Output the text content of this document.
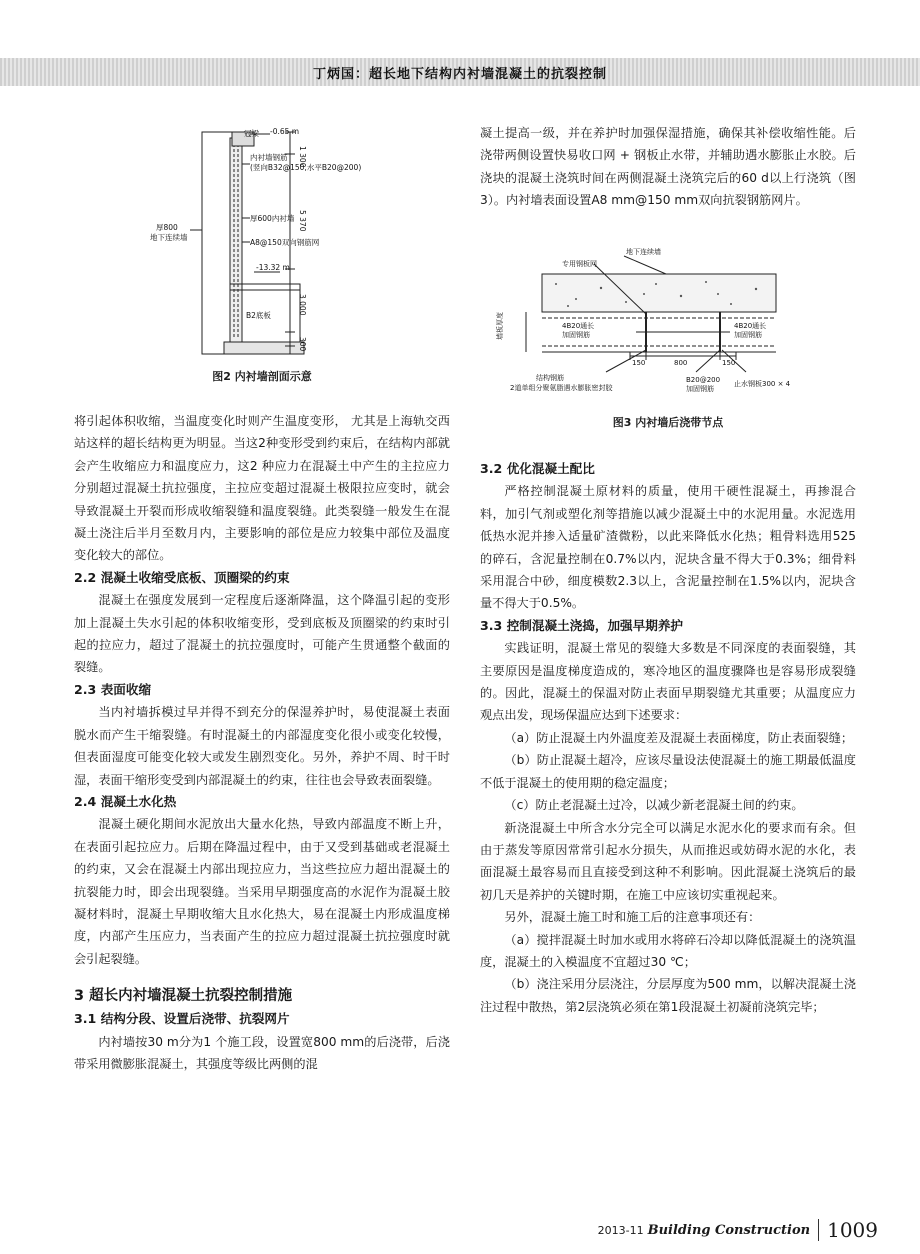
丁炳国：超长地下结构内衬墙混凝土的抗裂控制
冠梁 -0.65 m
1 300
内衬墙钢筋
(竖向B32@150,水平B20@200)
5 370
厚600内衬墙
厚800
地下连续墙
A8@150双向钢筋网
-13.32 m
3 000
B2底板
300
图2 内衬墙剖面示意
地下连续墙
专用钢板网
墙板厚度	4B20通长
加固钢筋
4B20通长
加固钢筋
150	800	150
结构钢筋
2道单组分聚氨脂遇水膨胀密封胶
B20@200
加固钢筋
止水钢板300 × 4
图3 内衬墙后浇带节点

将引起体积收缩，当温度变化时则产生温度变形， 尤其是上海轨交西站这样的超长结构更为明显。当这2种变形受到约束后，在结构内部就会产生收缩应力和温度应力，这2 种应力在混凝土中产生的主拉应力分别超过混凝土抗拉强度，主拉应变超过混凝土极限拉应变时，就会导致混凝土开裂而形成收缩裂缝和温度裂缝。此类裂缝一般发生在混凝土浇注后半月至数月内，主要影响的部位是应力较集中部位及温度变化较大的部位。

2.2 混凝土收缩受底板、顶圈梁的约束

混凝土在强度发展到一定程度后逐渐降温，这个降温引起的变形加上混凝土失水引起的体积收缩变形，受到底板及顶圈梁的约束时引起的拉应力，超过了混凝土的抗拉强度时，可能产生贯通整个截面的裂缝。

2.3 表面收缩

当内衬墙拆模过早并得不到充分的保湿养护时，易使混凝土表面脱水而产生干缩裂缝。有时混凝土的内部湿度变化很小或变化较慢，但表面湿度可能变化较大或发生剧烈变化。另外，养护不周、时干时湿，表面干缩形变受到内部混凝土的约束，往往也会导致表面裂缝。

2.4 混凝土水化热

混凝土硬化期间水泥放出大量水化热，导致内部温度不断上升，在表面引起拉应力。后期在降温过程中，由于又受到基础或老混凝土的约束，又会在混凝土内部出现拉应力，当这些拉应力超出混凝土的抗裂能力时，即会出现裂缝。当采用早期强度高的水泥作为混凝土胶凝材料时，混凝土早期收缩大且水化热大，易在混凝土内形成温度梯度，内部产生压应力，当表面产生的拉应力超过混凝土抗拉强度时就会引起裂缝。

3 超长内衬墙混凝土抗裂控制措施
3.1 结构分段、设置后浇带、抗裂网片

内衬墙按30 m分为1 个施工段，设置宽800 mm的后浇带，后浇带采用微膨胀混凝土，其强度等级比两侧的混

凝土提高一级，并在养护时加强保湿措施，确保其补偿收缩性能。后浇带两侧设置快易收口网 + 钢板止水带，并辅助遇水膨胀止水胶。后浇块的混凝土浇筑时间在两侧混凝土浇筑完后的60 d以上行浇筑（图3）。内衬墙表面设置A8 mm@150 mm双向抗裂钢筋网片。

3.2 优化混凝土配比

严格控制混凝土原材料的质量，使用干硬性混凝土，再掺混合料，加引气剂或塑化剂等措施以减少混凝土中的水泥用量。水泥选用低热水泥并掺入适量矿渣微粉，以此来降低水化热；粗骨料选用525的碎石，含泥量控制在0.7%以内，泥块含量不得大于0.3%；细骨料采用混合中砂，细度模数2.3以上，含泥量控制在1.5%以内，泥块含量不得大于0.5%。

3.3 控制混凝土浇捣，加强早期养护

实践证明，混凝土常见的裂缝大多数是不同深度的表面裂缝，其主要原因是温度梯度造成的，寒冷地区的温度骤降也是容易形成裂缝的。因此，混凝土的保温对防止表面早期裂缝尤其重要；从温度应力观点出发，现场保温应达到下述要求：

（a）防止混凝土内外温度差及混凝土表面梯度，防止表面裂缝；

（b）防止混凝土超冷，应该尽量设法使混凝土的施工期最低温度不低于混凝土的使用期的稳定温度；

（c）防止老混凝土过冷，以减少新老混凝土间的约束。

新浇混凝土中所含水分完全可以满足水泥水化的要求而有余。但由于蒸发等原因常常引起水分损失，从而推迟或妨碍水泥的水化，表面混凝土最容易而且直接受到这种不利影响。因此混凝土浇筑后的最初几天是养护的关键时期，在施工中应该切实重视起来。

另外，混凝土施工时和施工后的注意事项还有：

（a）搅拌混凝土时加水或用水将碎石冷却以降低混凝土的浇筑温度，混凝土的入模温度不宜超过30 ℃；

（b）浇注采用分层浇注，分层厚度为500 mm，以解决混凝土浇注过程中散热，第2层浇筑必须在第1段混凝土初凝前浇筑完毕；

2013-11 Building Construction 1009
